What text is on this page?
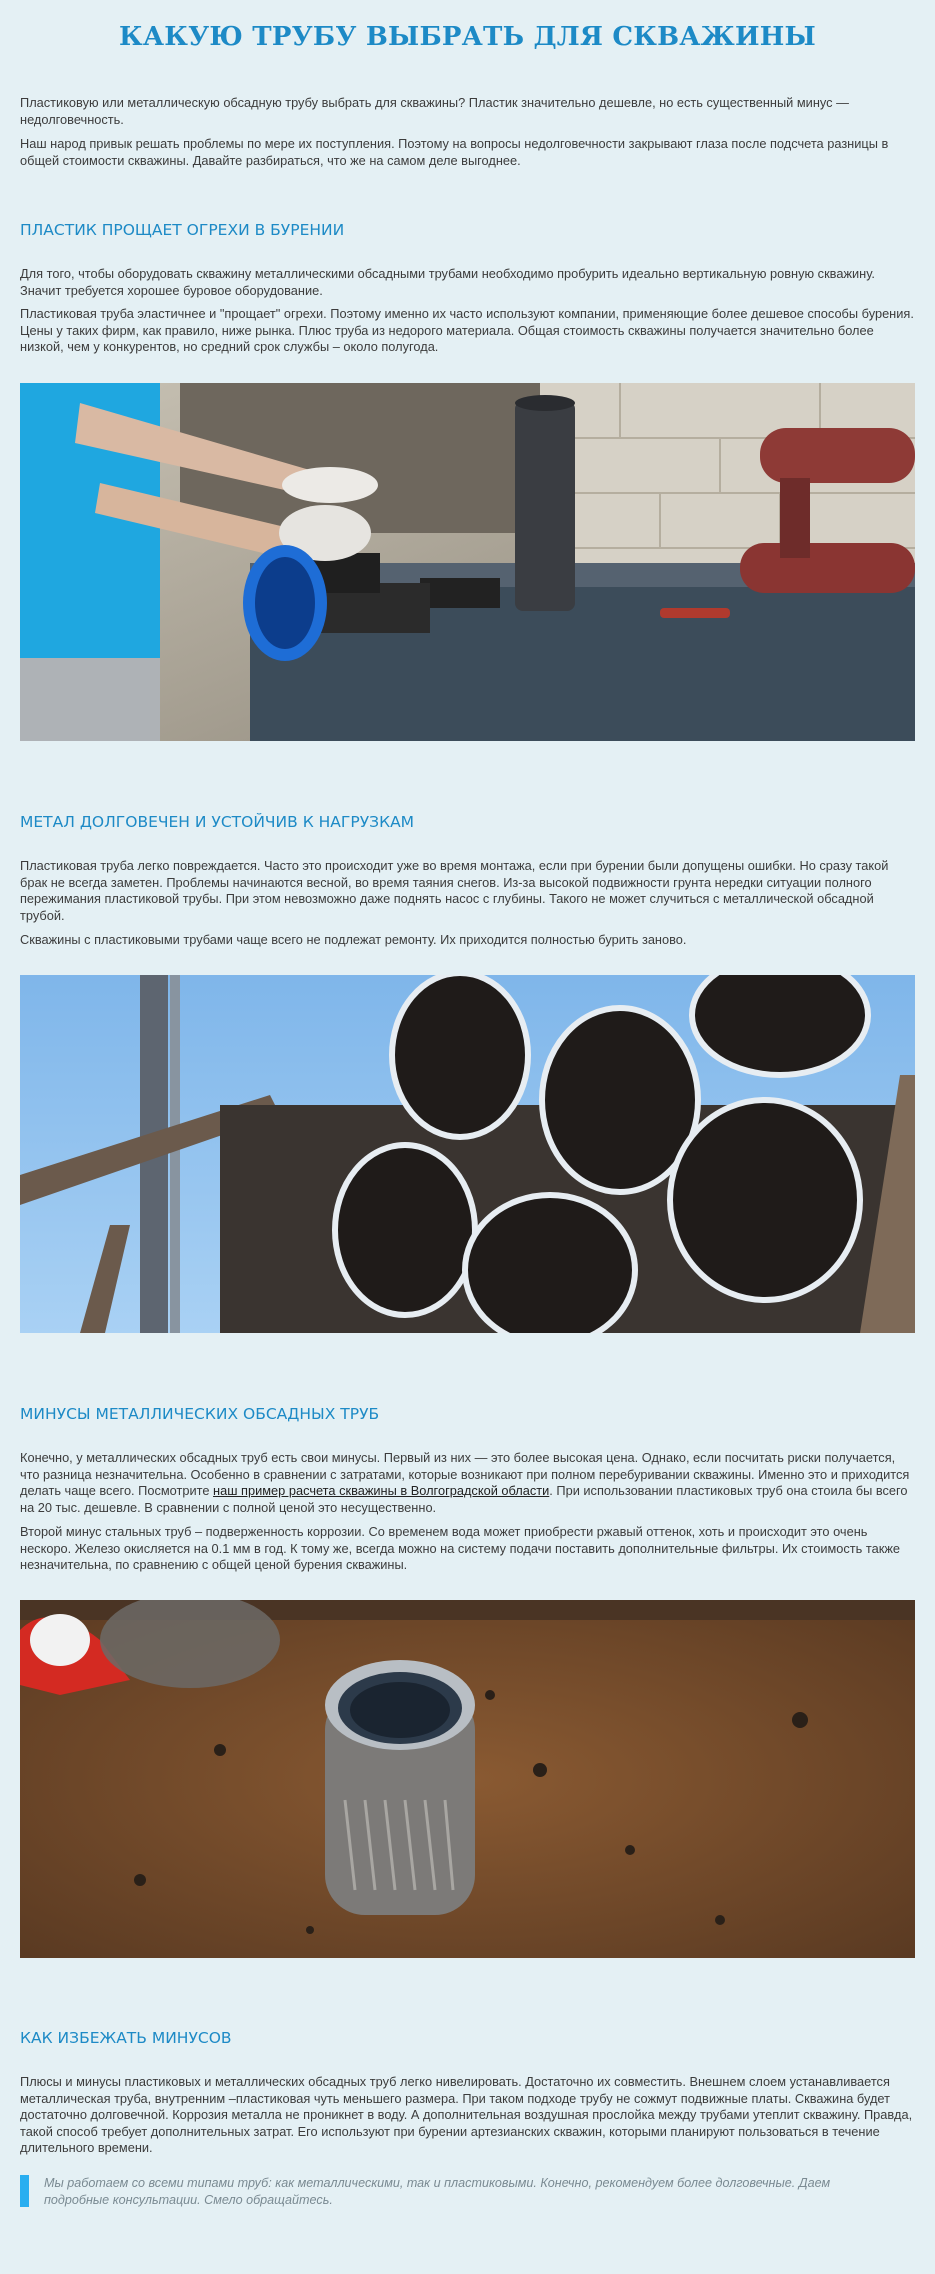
КАКУЮ ТРУБУ ВЫБРАТЬ ДЛЯ СКВАЖИНЫ

Пластиковую или металлическую обсадную трубу выбрать для скважины? Пластик значительно дешевле, но есть существенный минус — недолговечность.

Наш народ привык решать проблемы по мере их поступления. Поэтому на вопросы недолговечности закрывают глаза после подсчета разницы в общей стоимости скважины. Давайте разбираться, что же на самом деле выгоднее.

ПЛАСТИК ПРОЩАЕТ ОГРЕХИ В БУРЕНИИ

Для того, чтобы оборудовать скважину металлическими обсадными трубами необходимо пробурить идеально вертикальную ровную скважину. Значит требуется хорошее буровое оборудование.

Пластиковая труба эластичнее и "прощает" огрехи. Поэтому именно их часто используют компании, применяющие более дешевое способы бурения. Цены у таких фирм, как правило, ниже рынка. Плюс труба из недорого материала. Общая стоимость скважины получается значительно более низкой, чем у конкурентов, но средний срок службы – около полугода.

МЕТАЛ ДОЛГОВЕЧЕН И УСТОЙЧИВ К НАГРУЗКАМ

Пластиковая труба легко повреждается. Часто это происходит уже во время монтажа, если при бурении были допущены ошибки. Но сразу такой брак не всегда заметен. Проблемы начинаются весной, во время таяния снегов. Из-за высокой подвижности грунта нередки ситуации полного пережимания пластиковой трубы. При этом невозможно даже поднять насос с глубины. Такого не может случиться с металлической обсадной трубой.

Скважины с пластиковыми трубами чаще всего не подлежат ремонту. Их приходится полностью бурить заново.

МИНУСЫ МЕТАЛЛИЧЕСКИХ ОБСАДНЫХ ТРУБ

Конечно, у металлических обсадных труб есть свои минусы. Первый из них — это более высокая цена. Однако, если посчитать риски получается, что разница незначительна. Особенно в сравнении с затратами, которые возникают при полном перебуривании скважины. Именно это и приходится делать чаще всего. Посмотрите наш пример расчета скважины в Волгоградской области. При использовании пластиковых труб она стоила бы всего на 20 тыс. дешевле. В сравнении с полной ценой это несущественно.

Второй минус стальных труб – подверженность коррозии. Со временем вода может приобрести ржавый оттенок, хоть и происходит это очень нескоро. Железо окисляется на 0.1 мм в год. К тому же, всегда можно на систему подачи поставить дополнительные фильтры. Их стоимость также незначительна, по сравнению с общей ценой бурения скважины.

КАК ИЗБЕЖАТЬ МИНУСОВ

Плюсы и минусы пластиковых и металлических обсадных труб легко нивелировать. Достаточно их совместить. Внешнем слоем устанавливается металлическая труба, внутренним –пластиковая чуть меньшего размера. При таком подходе трубу не сожмут подвижные платы. Скважина будет достаточно долговечной. Коррозия металла не проникнет в воду. А дополнительная воздушная прослойка между трубами утеплит скважину. Правда, такой способ требует дополнительных затрат. Его используют при бурении артезианских скважин, которыми планируют пользоваться в течение длительного времени.

Мы работаем со всеми типами труб: как металлическими, так и пластиковыми. Конечно, рекомендуем более долговечные. Даем подробные консультации. Смело обращайтесь.
